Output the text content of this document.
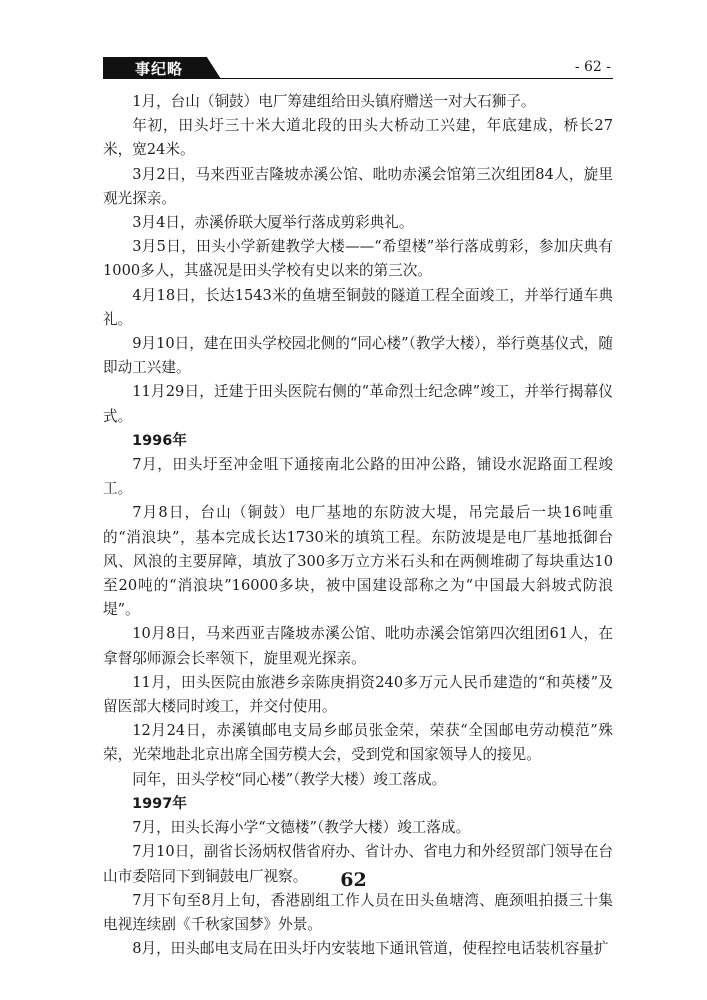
事纪略	- 62 -

1月，台山（铜鼓）电厂筹建组给田头镇府赠送一对大石狮子。

年初，田头圩三十米大道北段的田头大桥动工兴建，年底建成，桥长27米，宽24米。

3月2日，马来西亚吉隆坡赤溪公馆、吡叻赤溪会馆第三次组团84人，旋里观光探亲。

3月4日，赤溪侨联大厦举行落成剪彩典礼。

3月5日，田头小学新建教学大楼——“希望楼”举行落成剪彩，参加庆典有1000多人，其盛况是田头学校有史以来的第三次。

4月18日，长达1543米的鱼塘至铜鼓的隧道工程全面竣工，并举行通车典礼。

9月10日，建在田头学校园北侧的“同心楼”（教学大楼），举行奠基仪式，随即动工兴建。

11月29日，迁建于田头医院右侧的“革命烈士纪念碑”竣工，并举行揭幕仪式。

1996年

7月，田头圩至冲金咀下通接南北公路的田冲公路，铺设水泥路面工程竣工。

7月8日，台山（铜鼓）电厂基地的东防波大堤，吊完最后一块16吨重的“消浪块”，基本完成长达1730米的填筑工程。东防波堤是电厂基地抵御台风、风浪的主要屏障，填放了300多万立方米石头和在两侧堆砌了每块重达10至20吨的“消浪块”16000多块，被中国建设部称之为“中国最大斜坡式防浪堤”。

10月8日，马来西亚吉隆坡赤溪公馆、吡叻赤溪会馆第四次组团61人，在拿督邬师源会长率领下，旋里观光探亲。

11月，田头医院由旅港乡亲陈庚捐资240多万元人民币建造的“和英楼”及留医部大楼同时竣工，并交付使用。

12月24日，赤溪镇邮电支局乡邮员张金荣，荣获“全国邮电劳动模范”殊荣，光荣地赴北京出席全国劳模大会，受到党和国家领导人的接见。

同年，田头学校“同心楼”（教学大楼）竣工落成。

1997年

7月，田头长海小学“文德楼”（教学大楼）竣工落成。

7月10日，副省长汤炳权偕省府办、省计办、省电力和外经贸部门领导在台山市委陪同下到铜鼓电厂视察。

7月下旬至8月上旬，香港剧组工作人员在田头鱼塘湾、鹿颈咀拍摄三十集电视连续剧《千秋家国梦》外景。

8月，田头邮电支局在田头圩内安装地下通讯管道，使程控电话装机容量扩

62
